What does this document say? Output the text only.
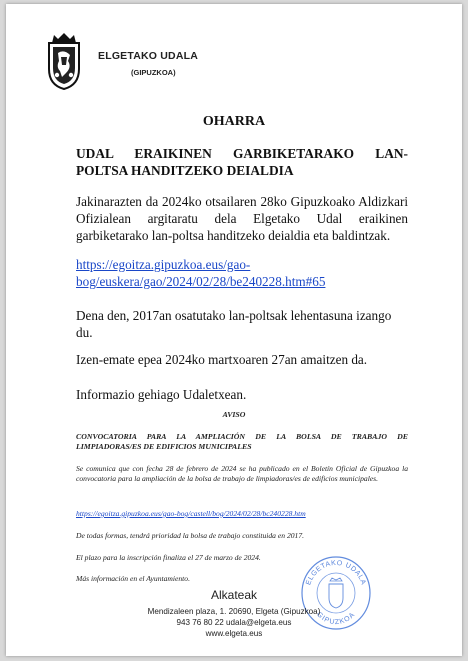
ELGETAKO UDALA
(GIPUZKOA)
OHARRA
UDAL ERAIKINEN GARBIKETARAKO LAN-
POLTSA HANDITZEKO DEIALDIA
Jakinarazten da 2024ko otsailaren 28ko Gipuzkoako Aldizkari Ofizialean argitaratu dela Elgetako Udal eraikinen garbiketarako lan-poltsa handitzeko deialdia eta baldintzak.
https://egoitza.gipuzkoa.eus/gao-
bog/euskera/gao/2024/02/28/be240228.htm#65
Dena den, 2017an osatutako lan-poltsak lehentasuna izango du.
Izen-emate epea 2024ko martxoaren 27an amaitzen da.
Informazio gehiago Udaletxean.
AVISO
CONVOCATORIA PARA LA AMPLIACIÓN DE LA BOLSA DE TRABAJO DE
LIMPIADORAS/ES DE EDIFICIOS MUNICIPALES
Se comunica que con fecha 28 de febrero de 2024 se ha publicado en el Boletín Oficial de Gipuzkoa la convocatoria para la ampliación de la bolsa de trabajo de limpiadoras/es de edificios municipales.
https://egoitza.gipuzkoa.eus/gao-bog/castell/bog/2024/02/28/bc240228.htm
De todas formas, tendrá prioridad la bolsa de trabajo constituida en 2017.
El plazo para la inscripción finaliza el 27 de marzo de 2024.
Más información en el Ayuntamiento.	ELGETAKO UDALA
GIPUZKOA
Alkateak
Mendizaleen plaza, 1. 20690, Elgeta (Gipuzkoa)
943 76 80 22 udala@elgeta.eus
www.elgeta.eus
